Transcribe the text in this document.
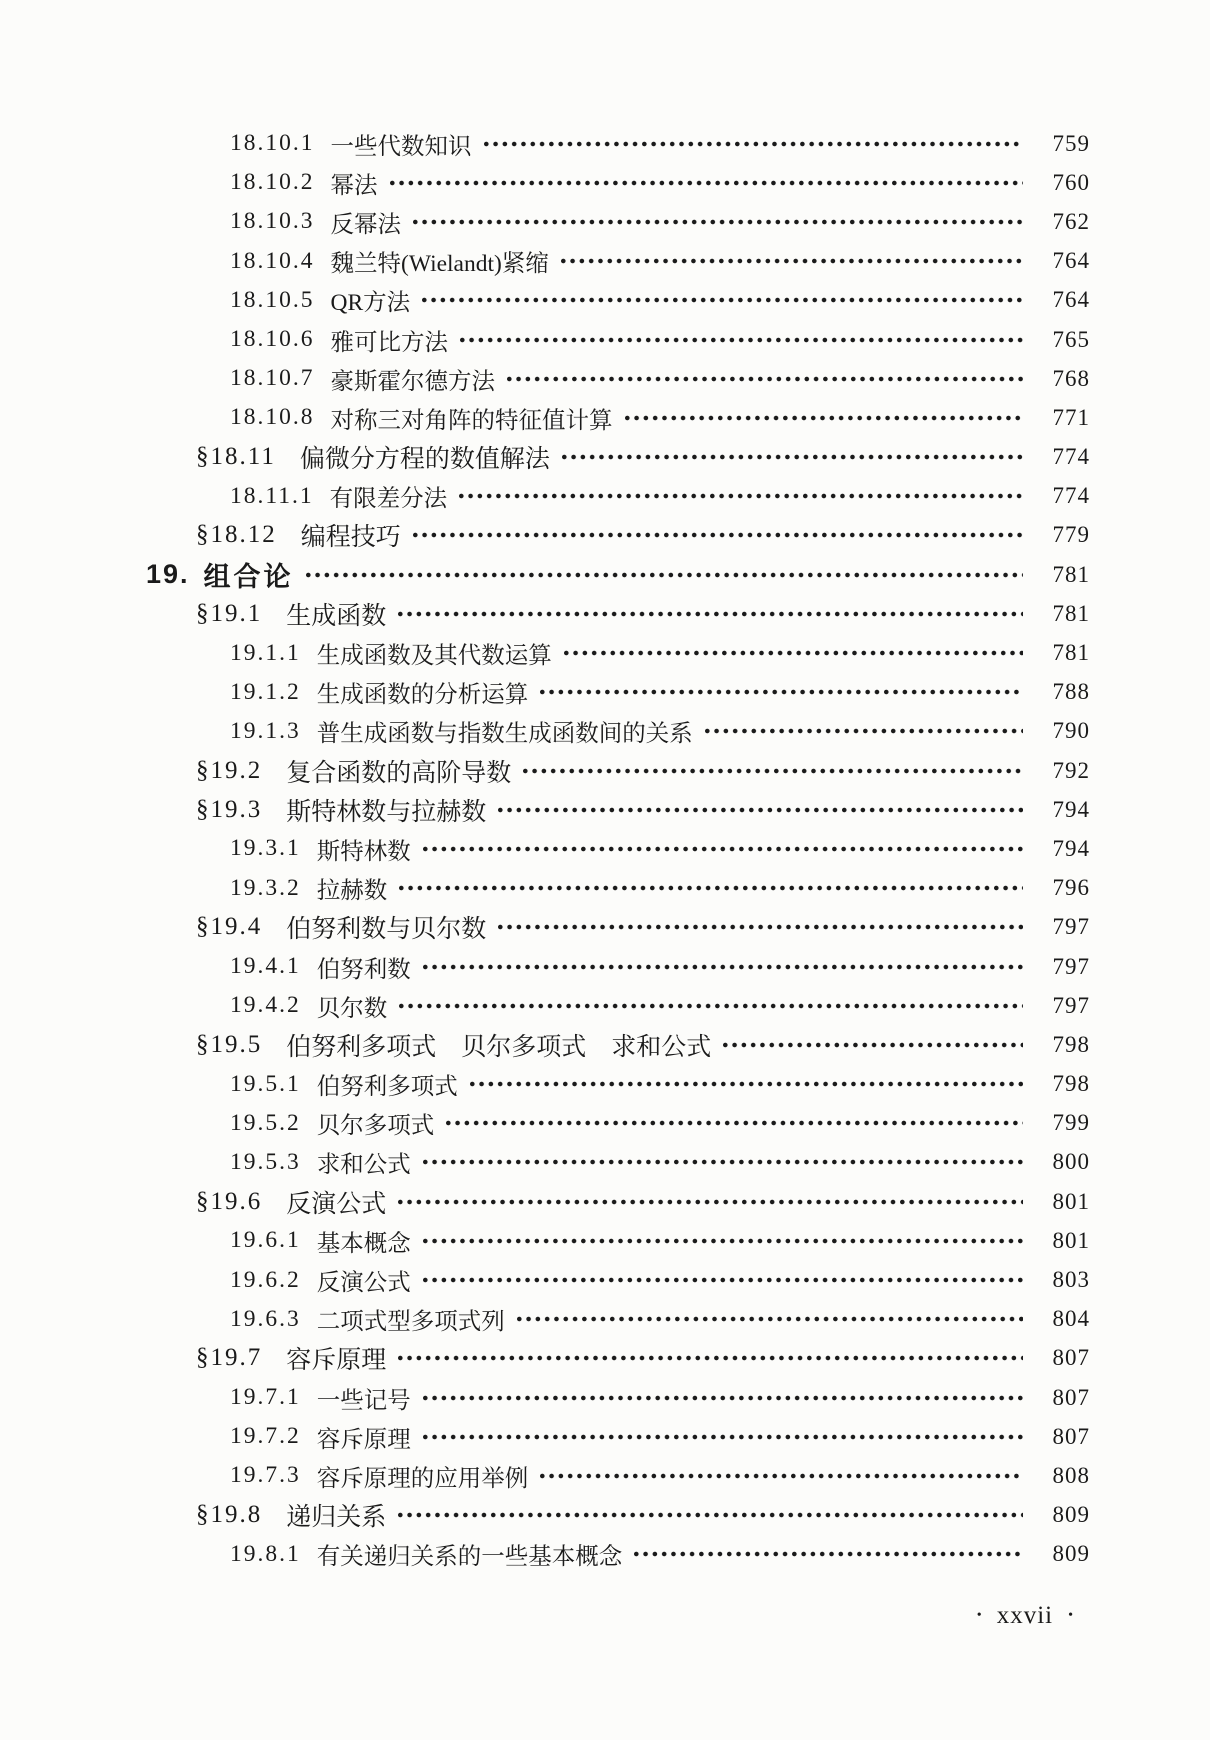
18.10.1 一些代数知识	759
18.10.2 幂法	760
18.10.3 反幂法	762
18.10.4 魏兰特(Wielandt)紧缩	764
18.10.5 QR方法	764
18.10.6 雅可比方法	765
18.10.7 豪斯霍尔德方法	768
18.10.8 对称三对角阵的特征值计算	771
§18.11 偏微分方程的数值解法	774
18.11.1 有限差分法	774
§18.12 编程技巧	779
19. 组合论	781
§19.1 生成函数	781
19.1.1 生成函数及其代数运算	781
19.1.2 生成函数的分析运算	788
19.1.3 普生成函数与指数生成函数间的关系	790
§19.2 复合函数的高阶导数	792
§19.3 斯特林数与拉赫数	794
19.3.1 斯特林数	794
19.3.2 拉赫数	796
§19.4 伯努利数与贝尔数	797
19.4.1 伯努利数	797
19.4.2 贝尔数	797
§19.5 伯努利多项式　贝尔多项式　求和公式	798
19.5.1 伯努利多项式	798
19.5.2 贝尔多项式	799
19.5.3 求和公式	800
§19.6 反演公式	801
19.6.1 基本概念	801
19.6.2 反演公式	803
19.6.3 二项式型多项式列	804
§19.7 容斥原理	807
19.7.1 一些记号	807
19.7.2 容斥原理	807
19.7.3 容斥原理的应用举例	808
§19.8 递归关系	809
19.8.1 有关递归关系的一些基本概念	809
• xxvii •
